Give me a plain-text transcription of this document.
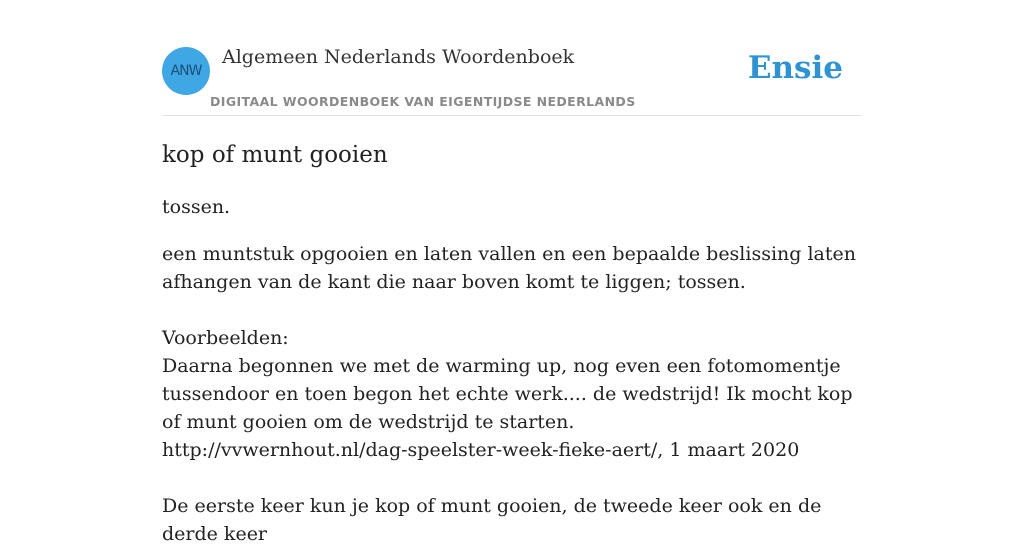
ANW
Algemeen Nederlands Woordenboek
DIGITAAL WOORDENBOEK VAN EIGENTIJDSE NEDERLANDS
Ensie
kop of munt gooien

tossen.

een muntstuk opgooien en laten vallen en een bepaalde beslissing laten afhangen van de kant die naar boven komt te liggen; tossen.

Voorbeelden:
Daarna begonnen we met de warming up, nog even een fotomomentje tussendoor en toen begon het echte werk.... de wedstrijd! Ik mocht kop of munt gooien om de wedstrijd te starten.
http://vvwernhout.nl/dag-speelster-week-fieke-aert/, 1 maart 2020
De eerste keer kun je kop of munt gooien, de tweede keer ook en de derde keer
